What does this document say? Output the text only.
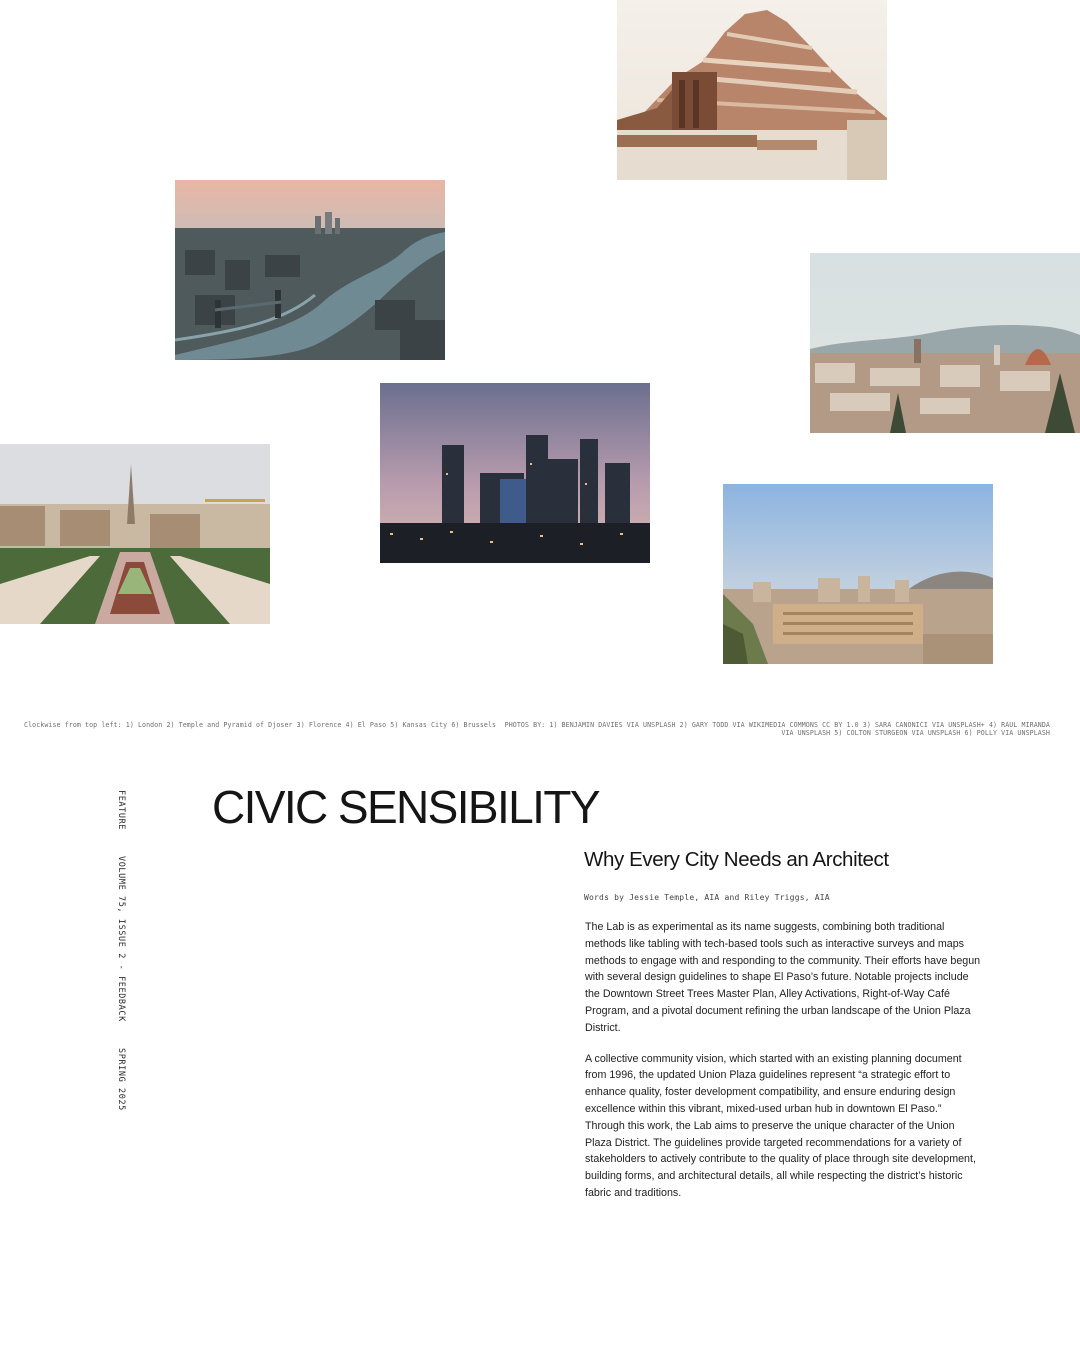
Clockwise from top left: 1) London 2) Temple and Pyramid of Djoser 3) Florence 4) El Paso 5) Kansas City 6) Brussels PHOTOS BY: 1) BENJAMIN DAVIES VIA UNSPLASH 2) GARY TODD VIA WIKIMEDIA COMMONS CC BY 1.0 3) SARA CANONICI VIA UNSPLASH+ 4) RAUL MIRANDA
VIA UNSPLASH 5) COLTON STURGEON VIA UNSPLASH 6) POLLY VIA UNSPLASH
FEATUREVOLUME 75, ISSUE 2 - FEEDBACKSPRING 2025
CIVIC SENSIBILITY
Why Every City Needs an Architect
Words by Jessie Temple, AIA and Riley Triggs, AIA

The Lab is as experimental as its name suggests, combining both traditional methods like tabling with tech-based tools such as interactive surveys and maps methods to engage with and responding to the community. Their efforts have begun with several design guidelines to shape El Paso’s future. Notable projects include the Downtown Street Trees Master Plan, Alley Activations, Right-of-Way Café Program, and a pivotal document refining the urban landscape of the Union Plaza District.

A collective community vision, which started with an existing planning document from 1996, the updated Union Plaza guidelines represent “a strategic effort to enhance quality, foster development compatibility, and ensure enduring design excellence within this vibrant, mixed-used urban hub in downtown El Paso.” Through this work, the Lab aims to preserve the unique character of the Union Plaza District. The guidelines provide targeted recommendations for a variety of stakeholders to actively contribute to the quality of place through site development, building forms, and architectural details, all while respecting the district’s historic fabric and traditions.
